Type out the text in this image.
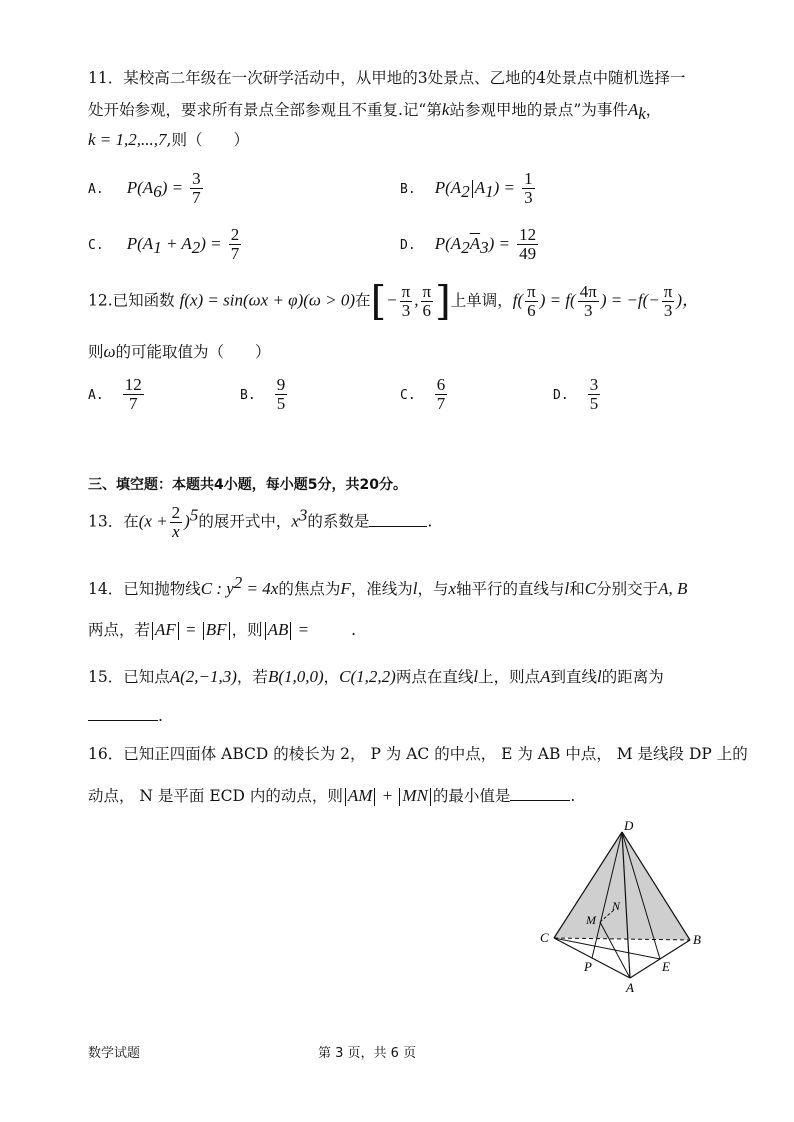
11．某校高二年级在一次研学活动中，从甲地的3处景点、乙地的4处景点中随机选择一
处开始参观，要求所有景点全部参观且不重复.记“第k站参观甲地的景点”为事件$A_k$，
k = 1,2,...,7,则（　　）
A. $P(A_6) = \frac{3}{7}$	B. $P(A_2$ $A_1) = \frac{1}{3}$
C. $P(A_1 + A_2) = \frac{2}{7}$	D. $P(A_2\overline{A}_3) = \frac{12}{49}$
12.已知函数 f(x) = sin(ωx + φ)(ω > 0)在[− $\frac{\pi}{3}$ , $\frac{\pi}{6}$ ]上单调，$f( \frac{\pi}{6}$ ) = $f( \frac{4\pi}{3}$ ) = $-f(- \frac{\pi}{3}$ )，
则ω的可能取值为（　　）
A. $\frac{12}{7}$	B. $\frac{9}{5}$	C. $\frac{6}{7}$	D. $\frac{3}{5}$
三、填空题：本题共4小题，每小题5分，共20分。
13．在$(x + \frac{2}{x} )^5$的展开式中，$x^3$的系数是	.
14．已知抛物线C : $y^2 = 4x$的焦点为F，准线为l，与x轴平行的直线与l和C分别交于A, B
两点，若 AF = BF ，则 AB =	.
15．已知点A(2,−1,3)，若B(1,0,0)，C(1,2,2)两点在直线l上，则点A到直线l的距离为
.
16．已知正四面体 ABCD 的棱长为 2， P 为 AC 的中点， E 为 AB 中点， M 是线段 DP 上的
动点， N 是平面 ECD 内的动点，则 AM + MN 的最小值是	.
D
C	B
A
P	E
M
N
数学试题	第 3 页，共 6 页
